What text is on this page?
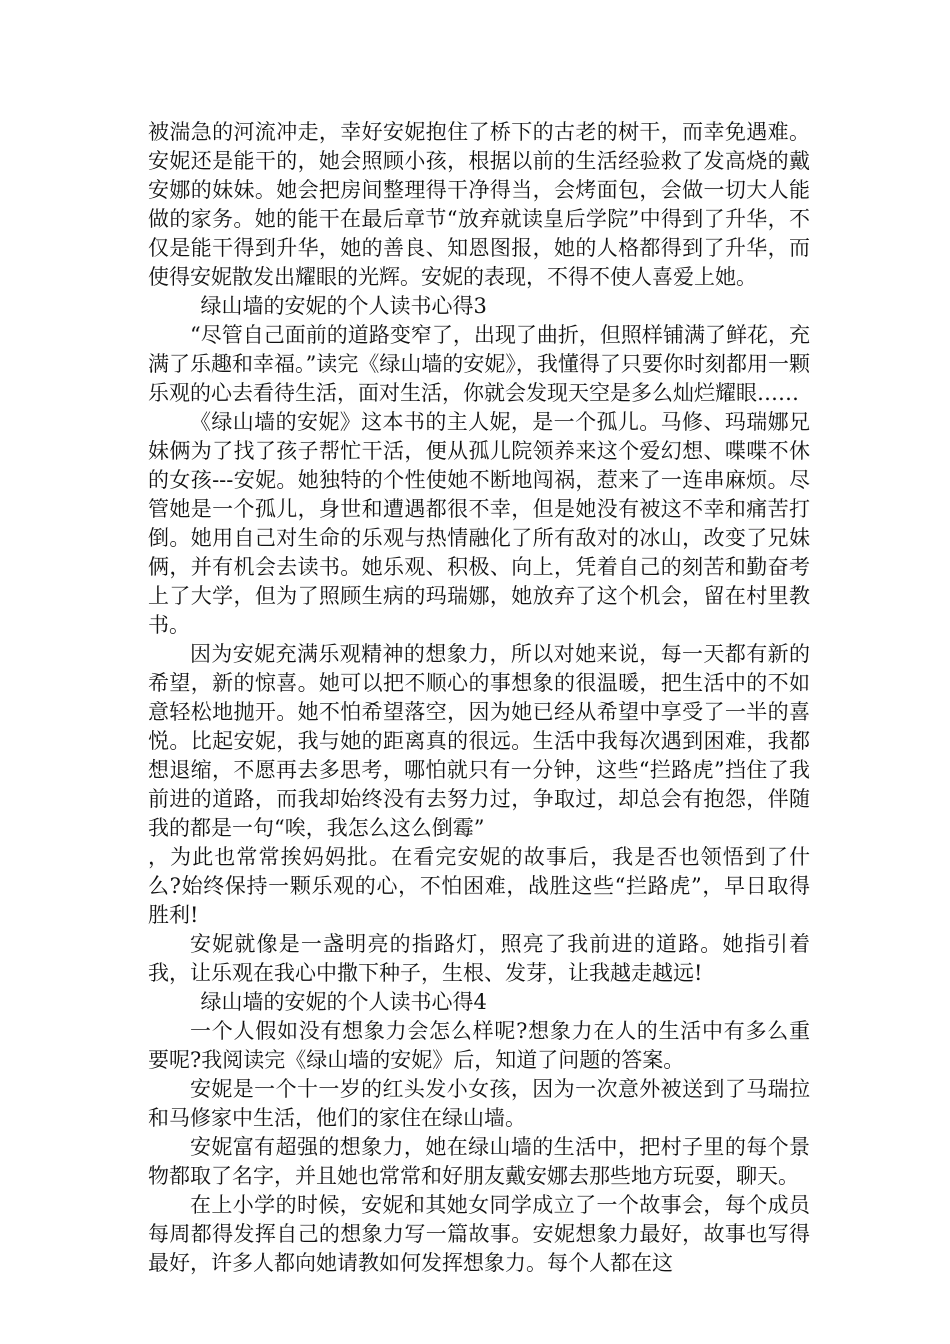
被湍急的河流冲走，幸好安妮抱住了桥下的古老的树干，而幸免遇难。安妮还是能干的，她会照顾小孩，根据以前的生活经验救了发高烧的戴安娜的妹妹。她会把房间整理得干净得当，会烤面包，会做一切大人能做的家务。她的能干在最后章节“放弃就读皇后学院”中得到了升华，不仅是能干得到升华，她的善良、知恩图报，她的人格都得到了升华，而使得安妮散发出耀眼的光辉。安妮的表现，不得不使人喜爱上她。

绿山墙的安妮的个人读书心得3

“尽管自己面前的道路变窄了，出现了曲折，但照样铺满了鲜花，充满了乐趣和幸福。”读完《绿山墙的安妮》，我懂得了只要你时刻都用一颗乐观的心去看待生活，面对生活，你就会发现天空是多么灿烂耀眼……

《绿山墙的安妮》这本书的主人妮，是一个孤儿。马修、玛瑞娜兄妹俩为了找了孩子帮忙干活，便从孤儿院领养来这个爱幻想、喋喋不休的女孩---安妮。她独特的个性使她不断地闯祸，惹来了一连串麻烦。尽管她是一个孤儿，身世和遭遇都很不幸，但是她没有被这不幸和痛苦打倒。她用自己对生命的乐观与热情融化了所有敌对的冰山，改变了兄妹俩，并有机会去读书。她乐观、积极、向上，凭着自己的刻苦和勤奋考上了大学，但为了照顾生病的玛瑞娜，她放弃了这个机会，留在村里教书。

因为安妮充满乐观精神的想象力，所以对她来说，每一天都有新的希望，新的惊喜。她可以把不顺心的事想象的很温暖，把生活中的不如意轻松地抛开。她不怕希望落空，因为她已经从希望中享受了一半的喜悦。比起安妮，我与她的距离真的很远。生活中我每次遇到困难，我都想退缩，不愿再去多思考，哪怕就只有一分钟，这些“拦路虎”挡住了我前进的道路，而我却始终没有去努力过，争取过，却总会有抱怨，伴随我的都是一句“唉，我怎么这么倒霉”

，为此也常常挨妈妈批。在看完安妮的故事后，我是否也领悟到了什么?始终保持一颗乐观的心，不怕困难，战胜这些“拦路虎”，早日取得胜利!

安妮就像是一盏明亮的指路灯，照亮了我前进的道路。她指引着我，让乐观在我心中撒下种子，生根、发芽，让我越走越远!

绿山墙的安妮的个人读书心得4

一个人假如没有想象力会怎么样呢?想象力在人的生活中有多么重要呢?我阅读完《绿山墙的安妮》后，知道了问题的答案。

安妮是一个十一岁的红头发小女孩，因为一次意外被送到了马瑞拉和马修家中生活，他们的家住在绿山墙。

安妮富有超强的想象力，她在绿山墙的生活中，把村子里的每个景物都取了名字，并且她也常常和好朋友戴安娜去那些地方玩耍，聊天。

在上小学的时候，安妮和其她女同学成立了一个故事会，每个成员每周都得发挥自己的想象力写一篇故事。安妮想象力最好，故事也写得最好，许多人都向她请教如何发挥想象力。每个人都在这
